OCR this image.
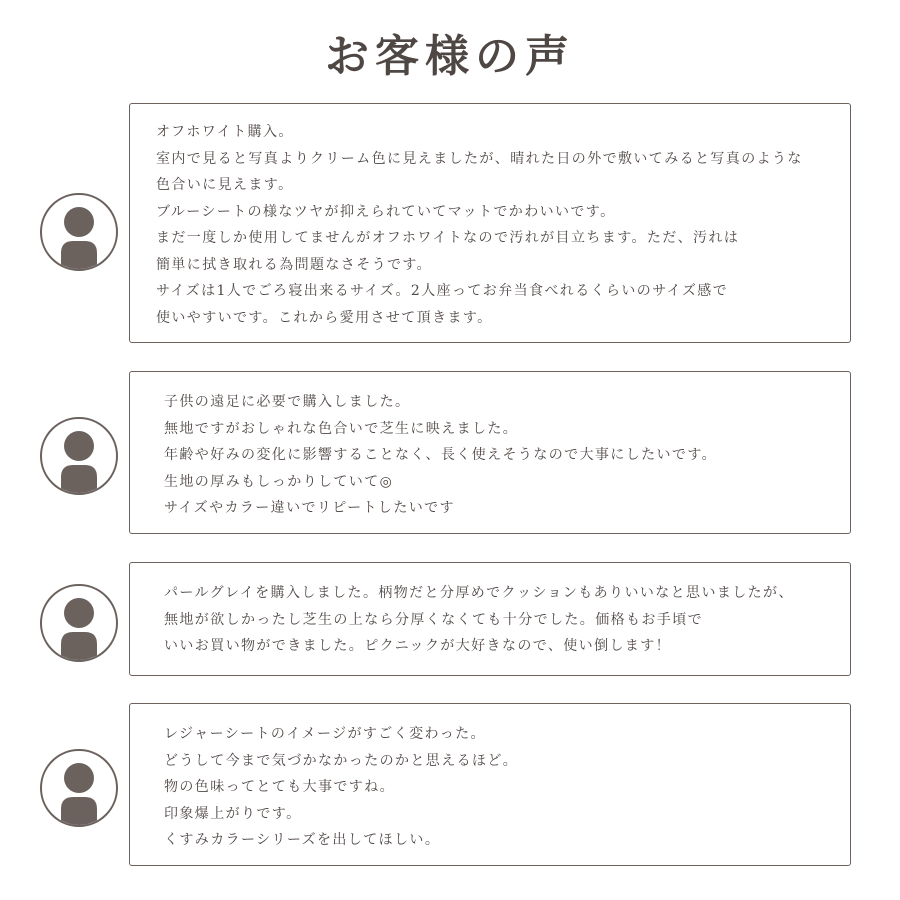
お客様の声
オフホワイト購入。
室内で見ると写真よりクリーム色に見えましたが、晴れた日の外で敷いてみると写真のような
色合いに見えます。
ブルーシートの様なツヤが抑えられていてマットでかわいいです。
まだ一度しか使用してませんがオフホワイトなので汚れが目立ちます。ただ、汚れは
簡単に拭き取れる為問題なさそうです。
サイズは1人でごろ寝出来るサイズ。2人座ってお弁当食べれるくらいのサイズ感で
使いやすいです。これから愛用させて頂きます。
子供の遠足に必要で購入しました。
無地ですがおしゃれな色合いで芝生に映えました。
年齢や好みの変化に影響することなく、長く使えそうなので大事にしたいです。
生地の厚みもしっかりしていて◎
サイズやカラー違いでリピートしたいです
パールグレイを購入しました。柄物だと分厚めでクッションもありいいなと思いましたが、
無地が欲しかったし芝生の上なら分厚くなくても十分でした。価格もお手頃で
いいお買い物ができました。ピクニックが大好きなので、使い倒します！
レジャーシートのイメージがすごく変わった。
どうして今まで気づかなかったのかと思えるほど。
物の色味ってとても大事ですね。
印象爆上がりです。
くすみカラーシリーズを出してほしい。
